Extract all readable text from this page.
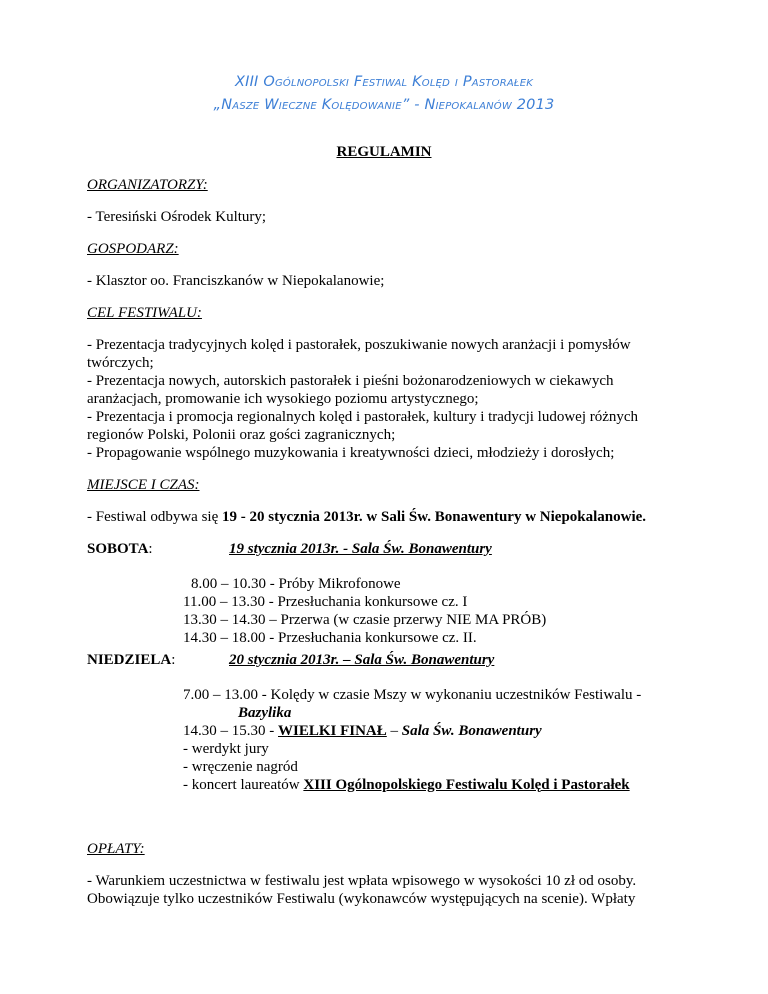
XIII Ogólnopolski Festiwal Kolęd i Pastorałek
„Nasze Wieczne Kolędowanie” - Niepokalanów 2013
REGULAMIN
ORGANIZATORZY:
- Teresiński Ośrodek Kultury;
GOSPODARZ:
- Klasztor oo. Franciszkanów w Niepokalanowie;
CEL FESTIWALU:
- Prezentacja tradycyjnych kolęd i pastorałek, poszukiwanie nowych aranżacji i pomysłów
twórczych;
- Prezentacja nowych, autorskich pastorałek i pieśni bożonarodzeniowych w ciekawych
aranżacjach, promowanie ich wysokiego poziomu artystycznego;
- Prezentacja i promocja regionalnych kolęd i pastorałek, kultury i tradycji ludowej różnych
regionów Polski, Polonii oraz gości zagranicznych;
- Propagowanie wspólnego muzykowania i kreatywności dzieci, młodzieży i dorosłych;
MIEJSCE I CZAS:
- Festiwal odbywa się 19 - 20 stycznia 2013r. w Sali Św. Bonawentury w Niepokalanowie.
SOBOTA:	19 stycznia 2013r. - Sala Św. Bonawentury
8.00 – 10.30 - Próby Mikrofonowe
11.00 – 13.30 - Przesłuchania konkursowe cz. I
13.30 – 14.30 – Przerwa (w czasie przerwy NIE MA PRÓB)
14.30 – 18.00 - Przesłuchania konkursowe cz. II.
NIEDZIELA:	20 stycznia 2013r. – Sala Św. Bonawentury
7.00 – 13.00 - Kolędy w czasie Mszy w wykonaniu uczestników Festiwalu -
Bazylika
14.30 – 15.30 - WIELKI FINAŁ – Sala Św. Bonawentury
- werdykt jury
- wręczenie nagród
- koncert laureatów XIII Ogólnopolskiego Festiwalu Kolęd i Pastorałek
OPŁATY:
- Warunkiem uczestnictwa w festiwalu jest wpłata wpisowego w wysokości 10 zł od osoby.
Obowiązuje tylko uczestników Festiwalu (wykonawców występujących na scenie). Wpłaty
